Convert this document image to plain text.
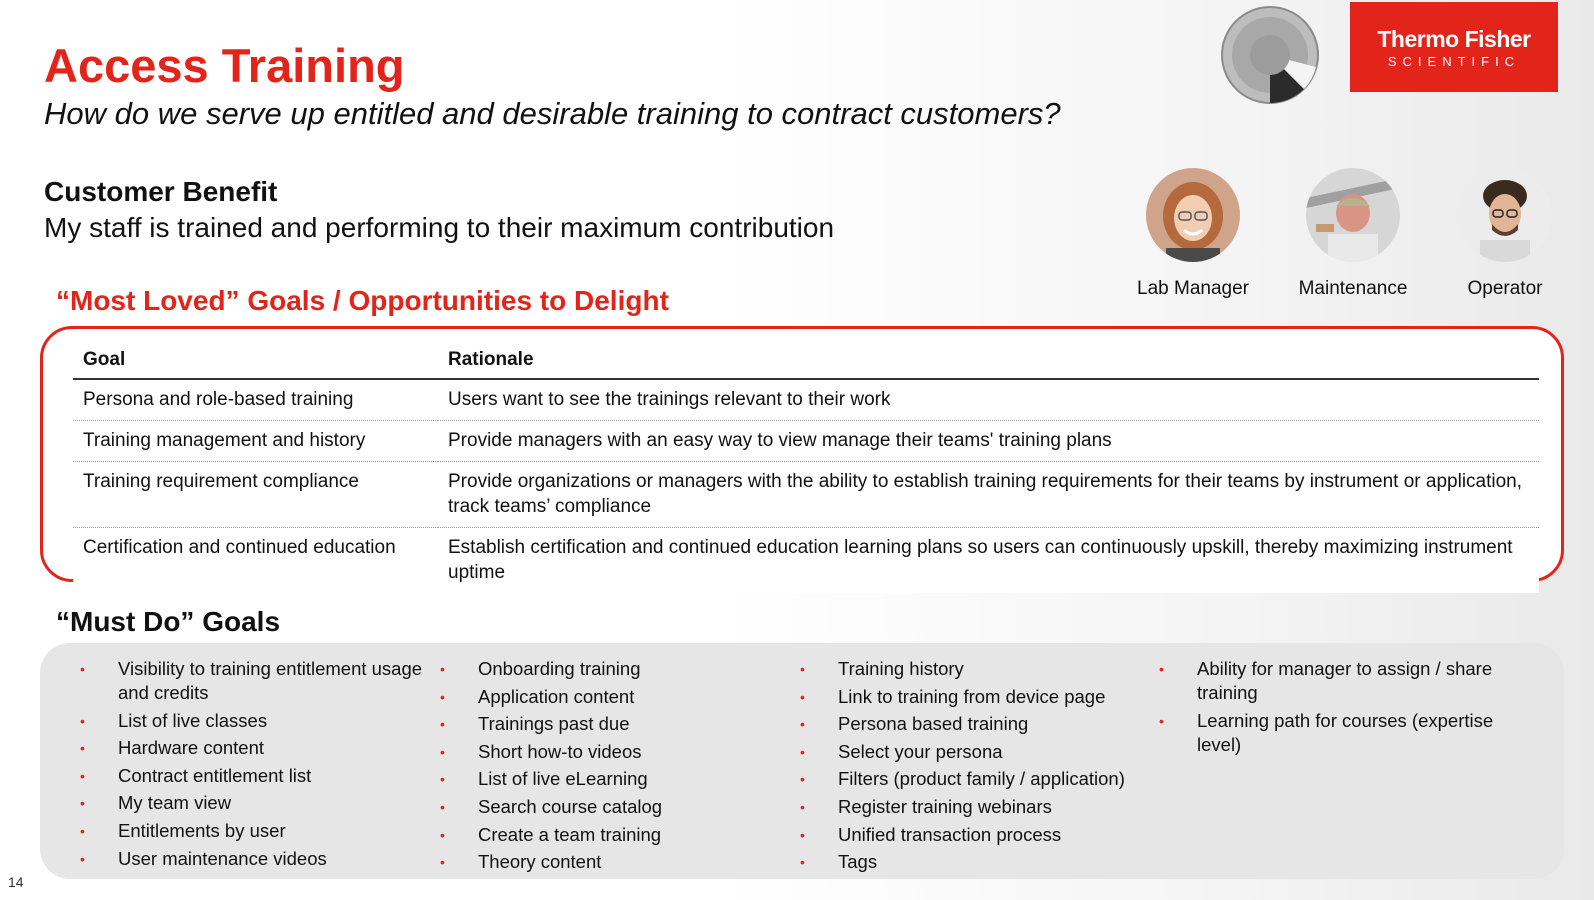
Access Training
How do we serve up entitled and desirable training to contract customers?
Thermo Fisher
SCIENTIFIC
Customer Benefit
My staff is trained and performing to their maximum contribution
Lab Manager	Maintenance	Operator
“Most Loved” Goals / Opportunities to Delight
Goal	Rationale
Persona and role-based training	Users want to see the trainings relevant to their work
Training management and history	Provide managers with an easy way to view manage their teams' training plans
Training requirement compliance	Provide organizations or managers with the ability to establish training requirements for their teams by instrument or application, track teams’ compliance
Certification and continued education	Establish certification and continued education learning plans so users can continuously upskill, thereby maximizing instrument uptime
“Must Do” Goals
• Visibility to training entitlement usage and credits
• List of live classes
• Hardware content
• Contract entitlement list
• My team view
• Entitlements by user
• User maintenance videos
• Onboarding training
• Application content
• Trainings past due
• Short how-to videos
• List of live eLearning
• Search course catalog
• Create a team training
• Theory content
• Training history
• Link to training from device page
• Persona based training
• Select your persona
• Filters (product family / application)
• Register training webinars
• Unified transaction process
• Tags
• Ability for manager to assign / share training
• Learning path for courses (expertise level)
14
